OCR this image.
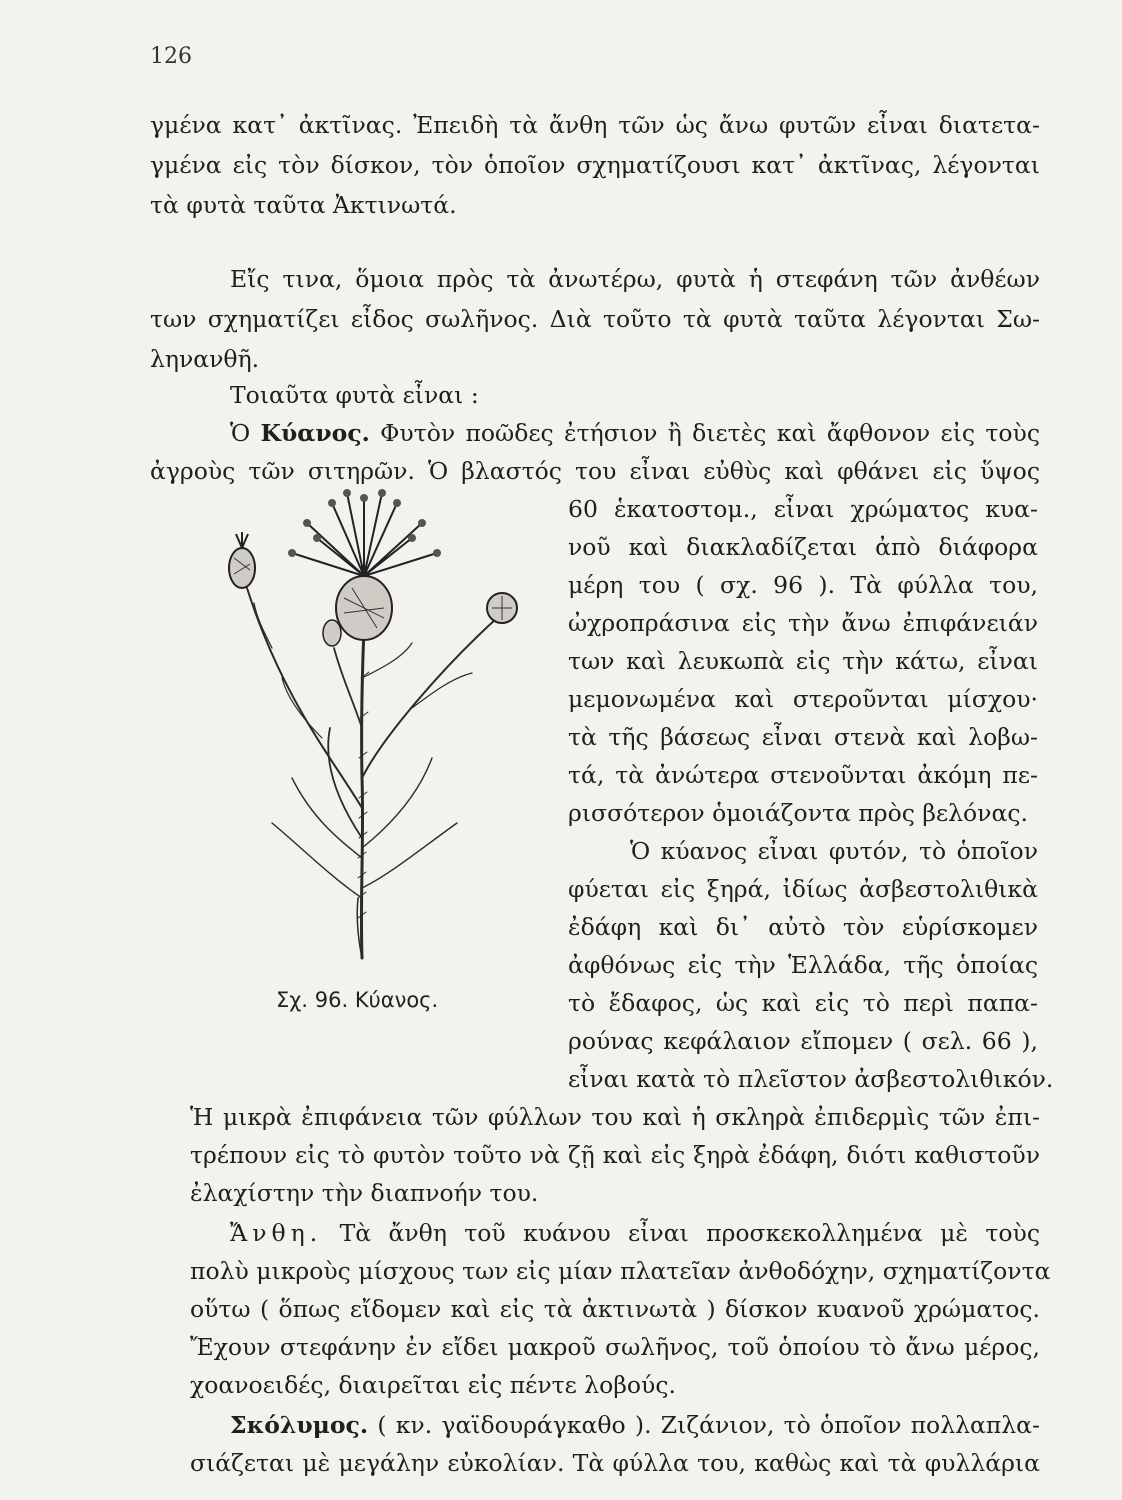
126
γμένα κατ᾽ ἀκτῖνας. Ἐπειδὴ τὰ ἄνθη τῶν ὡς ἄνω φυτῶν εἶναι διατετα-
γμένα εἰς τὸν δίσκον, τὸν ὁποῖον σχηματίζουσι κατ᾽ ἀκτῖνας, λέγονται
τὰ φυτὰ ταῦτα Ἀκτινωτά.
Εἴς τινα, ὅμοια πρὸς τὰ ἀνωτέρω, φυτὰ ἡ στεφάνη τῶν ἀνθέων
των σχηματίζει εἶδος σωλῆνος. Διὰ τοῦτο τὰ φυτὰ ταῦτα λέγονται Σω-
ληνανθῆ.
Τοιαῦτα φυτὰ εἶναι :
Ὁ Κύανος. Φυτὸν ποῶδες ἐτήσιον ἢ διετὲς καὶ ἄφθονον εἰς τοὺς
ἀγροὺς τῶν σιτηρῶν. Ὁ βλαστός του εἶναι εὐθὺς καὶ φθάνει εἰς ὕψος
60 ἑκατοστομ., εἶναι χρώματος κυα-
νοῦ καὶ διακλαδίζεται ἀπὸ διάφορα
μέρη του ( σχ. 96 ). Τὰ φύλλα του,
ὠχροπράσινα εἰς τὴν ἄνω ἐπιφάνειάν
των καὶ λευκωπὰ εἰς τὴν κάτω, εἶναι
μεμονωμένα καὶ στεροῦνται μίσχου·
τὰ τῆς βάσεως εἶναι στενὰ καὶ λοβω-
τά, τὰ ἀνώτερα στενοῦνται ἀκόμη πε-
ρισσότερον ὁμοιάζοντα πρὸς βελόνας.
Ὁ κύανος εἶναι φυτόν, τὸ ὁποῖον
φύεται εἰς ξηρά, ἰδίως ἀσβεστολιθικὰ
ἐδάφη καὶ δι᾽ αὐτὸ τὸν εὑρίσκομεν
ἀφθόνως εἰς τὴν Ἑλλάδα, τῆς ὁποίας
τὸ ἔδαφος, ὡς καὶ εἰς τὸ περὶ παπα-
ρούνας κεφάλαιον εἴπομεν ( σελ. 66 ),
εἶναι κατὰ τὸ πλεῖστον ἀσβεστολιθικόν.
Σχ. 96. Κύανος.
Ἡ μικρὰ ἐπιφάνεια τῶν φύλλων του καὶ ἡ σκληρὰ ἐπιδερμὶς τῶν ἐπι-
τρέπουν εἰς τὸ φυτὸν τοῦτο νὰ ζῇ καὶ εἰς ξηρὰ ἐδάφη, διότι καθιστοῦν
ἐλαχίστην τὴν διαπνοήν του.
Ἄνθη. Τὰ ἄνθη τοῦ κυάνου εἶναι προσκεκολλημένα μὲ τοὺς
πολὺ μικροὺς μίσχους των εἰς μίαν πλατεῖαν ἀνθοδόχην, σχηματίζοντα
οὕτω ( ὅπως εἴδομεν καὶ εἰς τὰ ἀκτινωτὰ ) δίσκον κυανοῦ χρώματος.
Ἔχουν στεφάνην ἐν εἴδει μακροῦ σωλῆνος, τοῦ ὁποίου τὸ ἄνω μέρος,
χοανοειδές, διαιρεῖται εἰς πέντε λοβούς.
Σκόλυμος. ( κν. γαϊδουράγκαθο ). Ζιζάνιον, τὸ ὁποῖον πολλαπλα-
σιάζεται μὲ μεγάλην εὐκολίαν. Τὰ φύλλα του, καθὼς καὶ τὰ φυλλάρια
